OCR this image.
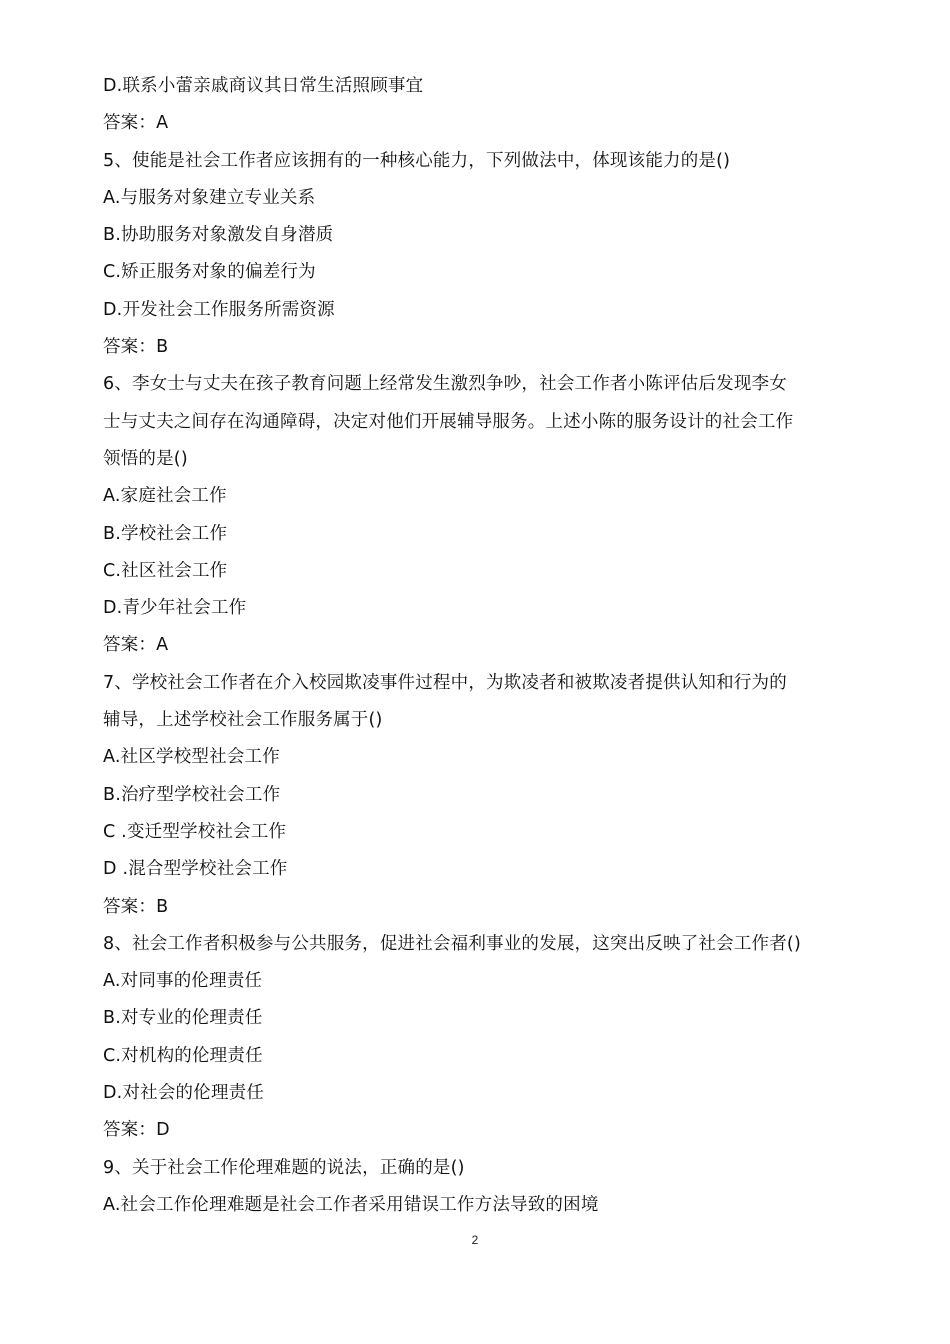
D.联系小蕾亲戚商议其日常生活照顾事宜
答案：A
5、使能是社会工作者应该拥有的一种核心能力，下列做法中，体现该能力的是()
A.与服务对象建立专业关系
B.协助服务对象激发自身潜质
C.矫正服务对象的偏差行为
D.开发社会工作服务所需资源
答案：B
6、李女士与丈夫在孩子教育问题上经常发生激烈争吵，社会工作者小陈评估后发现李女
士与丈夫之间存在沟通障碍，决定对他们开展辅导服务。上述小陈的服务设计的社会工作
领悟的是()
A.家庭社会工作
B.学校社会工作
C.社区社会工作
D.青少年社会工作
答案：A
7、学校社会工作者在介入校园欺凌事件过程中，为欺凌者和被欺凌者提供认知和行为的
辅导，上述学校社会工作服务属于()
A.社区学校型社会工作
B.治疗型学校社会工作
C .变迁型学校社会工作
D .混合型学校社会工作
答案：B
8、社会工作者积极参与公共服务，促进社会福利事业的发展，这突出反映了社会工作者()
A.对同事的伦理责任
B.对专业的伦理责任
C.对机构的伦理责任
D.对社会的伦理责任
答案：D
9、关于社会工作伦理难题的说法，正确的是()
A.社会工作伦理难题是社会工作者采用错误工作方法导致的困境
2
